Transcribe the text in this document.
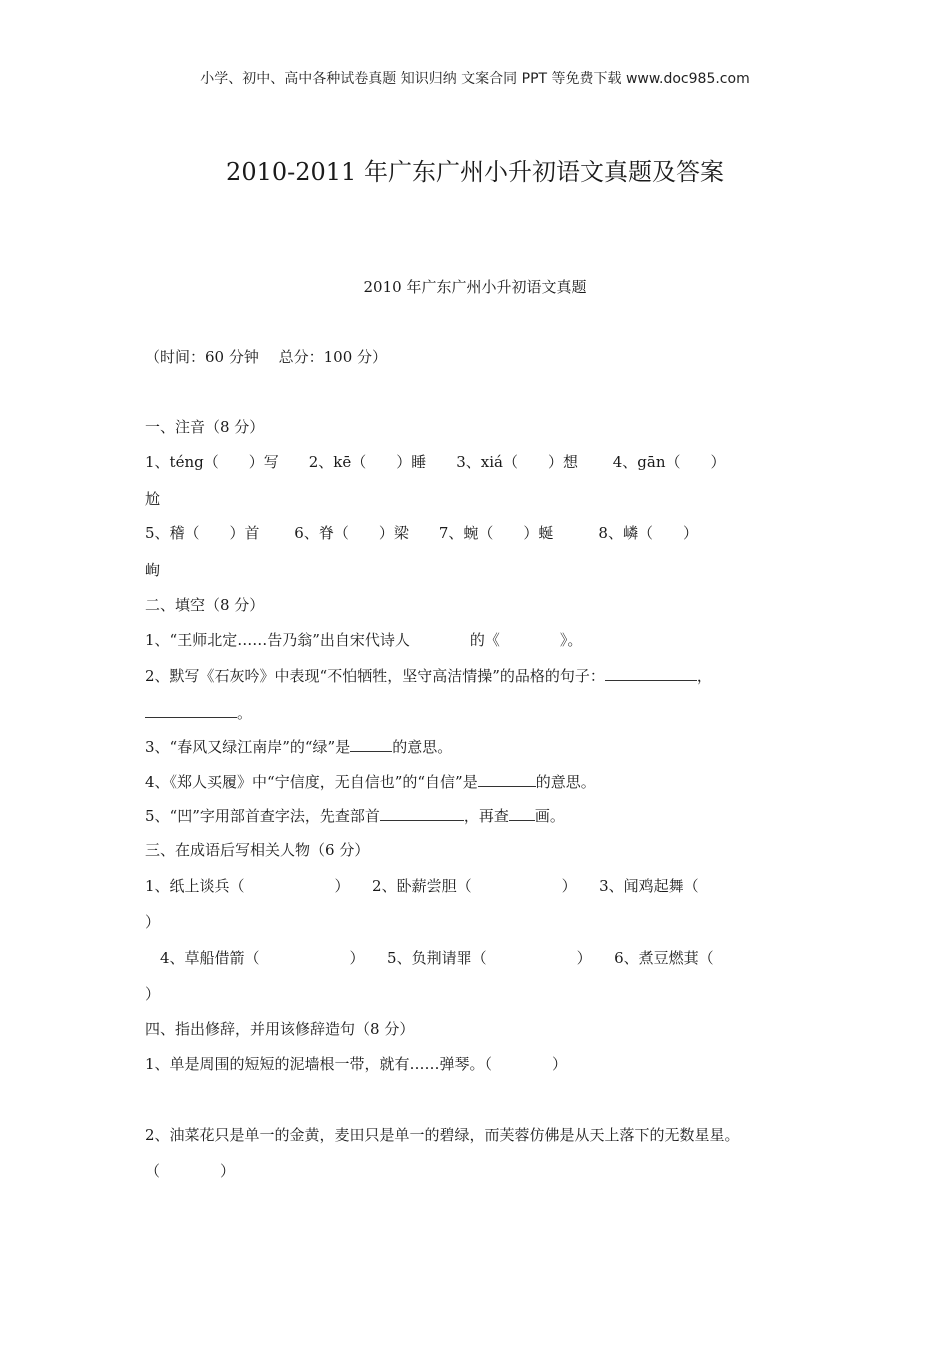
小学、初中、高中各种试卷真题 知识归纳 文案合同 PPT 等免费下载 www.doc985.com
2010-2011 年广东广州小升初语文真题及答案
2010 年广东广州小升初语文真题
（时间：60 分钟　 总分：100 分）
一、注音（8 分）
1、téng（　　）写　　2、kē（　　）睡　　3、xiá（　　）想　　 4、gān（　　）
尬
5、稽（　　）首　　 6、脊（　　）梁　　7、蜿（　　）蜒　　　8、嶙（　　）
峋
二、填空（8 分）
1、“王师北定……告乃翁”出自宋代诗人　　　　的《　　　　》。
2、默写《石灰吟》中表现“不怕牺牲，坚守高洁情操”的品格的句子：	，
。
3、“春风又绿江南岸”的“绿”是	的意思。
4、《郑人买履》中“宁信度，无自信也”的“自信”是	的意思。
5、“凹”字用部首查字法，先查部首	，再查 画。
三、在成语后写相关人物（6 分）
1、纸上谈兵（　　　　　　）　　2、卧薪尝胆（　　　　　　）　　3、闻鸡起舞（
）
　4、草船借箭（　　　　　　）　　5、负荆请罪（　　　　　　）　　6、煮豆燃萁（
）
四、指出修辞，并用该修辞造句（8 分）
1、单是周围的短短的泥墙根一带，就有……弹琴。（　　　　）
2、油菜花只是单一的金黄，麦田只是单一的碧绿，而芙蓉仿佛是从天上落下的无数星星。
（　　　　）
